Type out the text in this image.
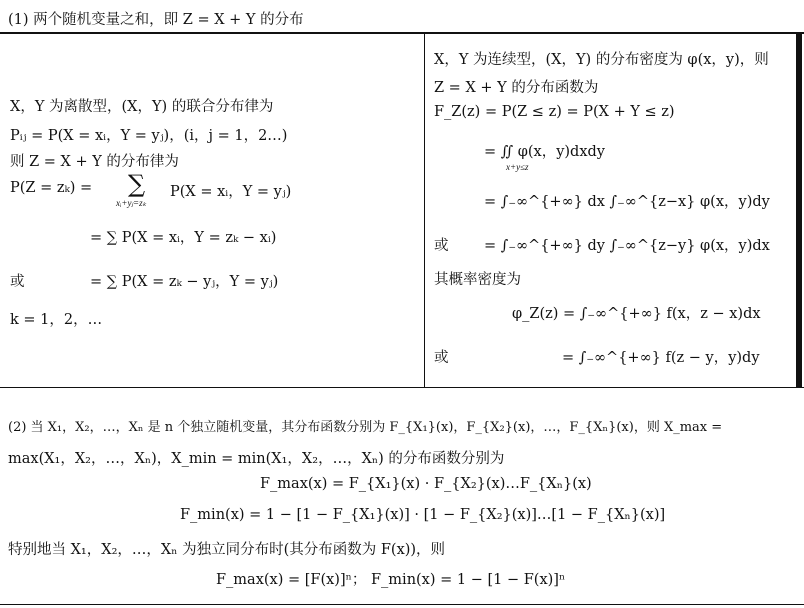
(1) 两个随机变量之和，即 Z = X + Y 的分布
X，Y 为离散型，(X，Y) 的联合分布律为
Pᵢⱼ = P(X = xᵢ，Y = yⱼ)，(i，j = 1，2…)
则 Z = X + Y 的分布律为
P(Z = zₖ) = ∑
xᵢ+yⱼ=zₖ
P(X = xᵢ，Y = yⱼ)
= ∑ P(X = xᵢ，Y = zₖ − xᵢ)
或	= ∑ P(X = zₖ − yⱼ，Y = yⱼ)
k = 1，2，…
X，Y 为连续型，(X，Y) 的分布密度为 φ(x，y)，则
Z = X + Y 的分布函数为
F_Z(z) = P(Z ≤ z) = P(X + Y ≤ z)
= ∬ φ(x，y)dxdy
x+y≤z
= ∫₋∞^{+∞} dx ∫₋∞^{z−x} φ(x，y)dy
或 = ∫₋∞^{+∞} dy ∫₋∞^{z−y} φ(x，y)dx
其概率密度为
φ_Z(z) = ∫₋∞^{+∞} f(x，z − x)dx
或	= ∫₋∞^{+∞} f(z − y，y)dy
(2) 当 X₁，X₂，…，Xₙ 是 n 个独立随机变量，其分布函数分别为 F_{X₁}(x)，F_{X₂}(x)，…，F_{Xₙ}(x)，则 X_max =
max(X₁，X₂，…，Xₙ)，X_min = min(X₁，X₂，…，Xₙ) 的分布函数分别为
F_max(x) = F_{X₁}(x) · F_{X₂}(x)…F_{Xₙ}(x)
F_min(x) = 1 − [1 − F_{X₁}(x)] · [1 − F_{X₂}(x)]…[1 − F_{Xₙ}(x)]
特别地当 X₁，X₂，…，Xₙ 为独立同分布时(其分布函数为 F(x))，则
F_max(x) = [F(x)]ⁿ； F_min(x) = 1 − [1 − F(x)]ⁿ
